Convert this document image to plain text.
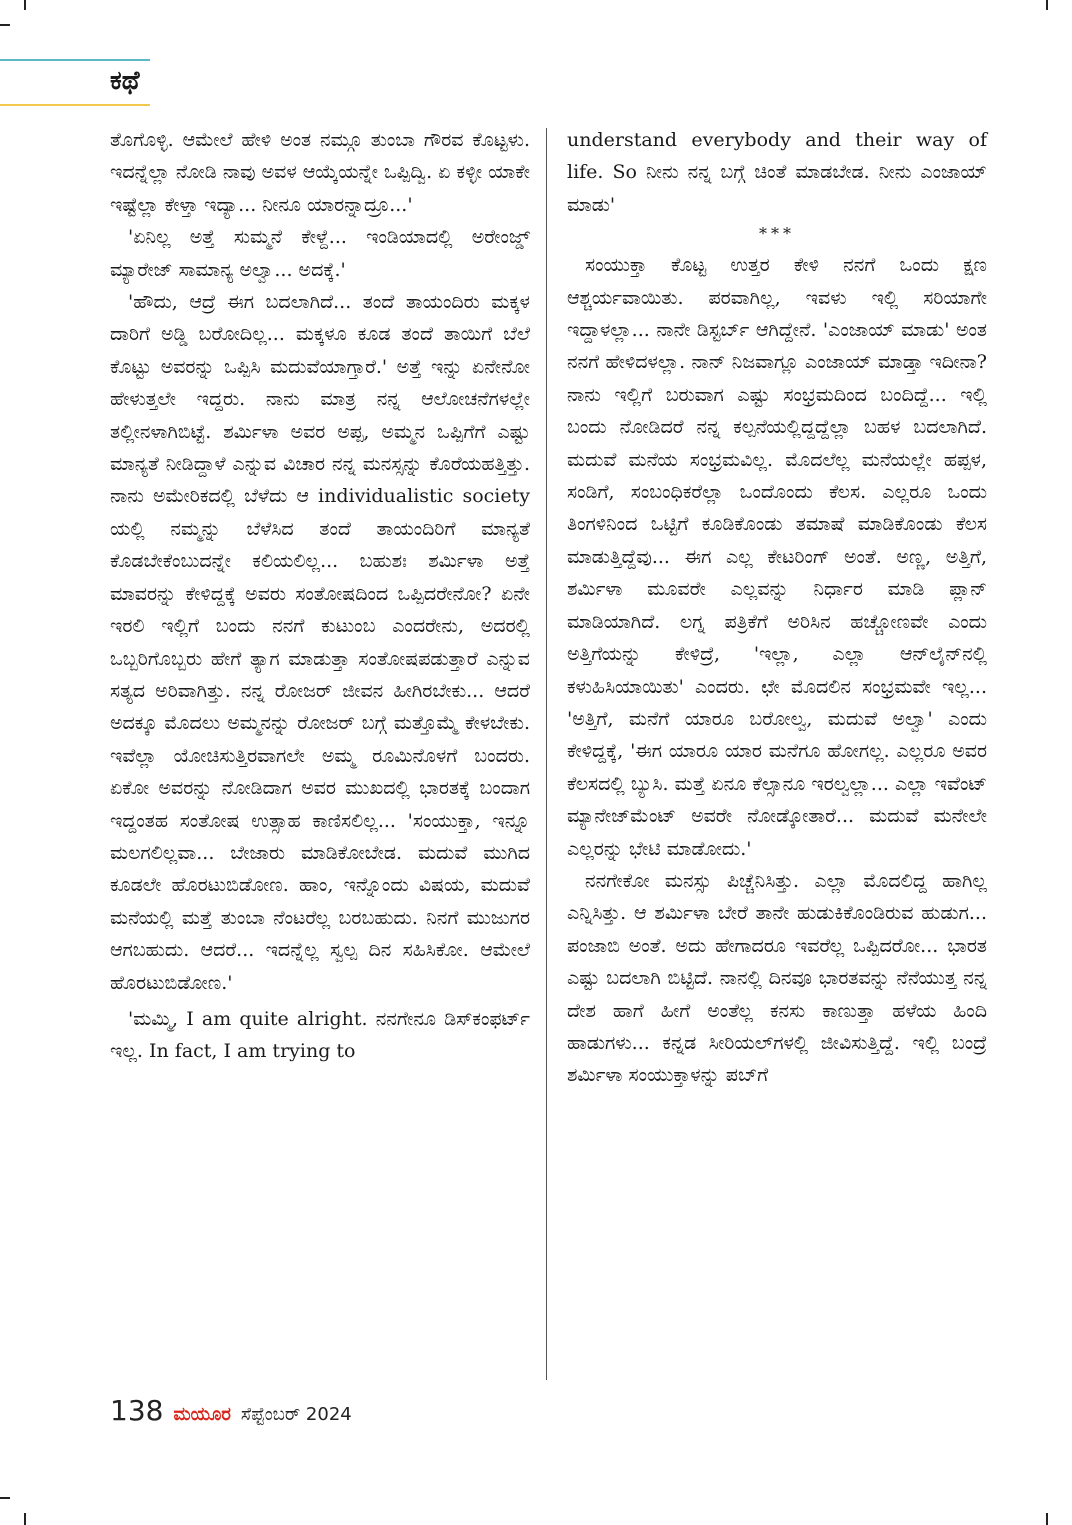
ಕಥೆ

ತೊಗೊಳ್ಳಿ. ಆಮೇಲೆ ಹೇಳಿ ಅಂತ ನಮ್ಗೂ ತುಂಬಾ ಗೌರವ ಕೊಟ್ಟಳು. ಇದನ್ನೆಲ್ಲಾ ನೋಡಿ ನಾವು ಅವಳ ಆಯ್ಕೆಯನ್ನೇ ಒಪ್ಪಿದ್ವಿ. ಏ ಕಳ್ಳೀ ಯಾಕೇ ಇಷ್ಟೆಲ್ಲಾ ಕೇಳ್ತಾ ಇದ್ಯಾ... ನೀನೂ ಯಾರನ್ನಾದ್ರೂ...'

'ಏನಿಲ್ಲ ಅತ್ತೆ ಸುಮ್ಮನೆ ಕೇಳ್ದೆ... ಇಂಡಿಯಾದಲ್ಲಿ ಅರೇಂಜ್ಡ್ ಮ್ಯಾರೇಜ್ ಸಾಮಾನ್ಯ ಅಲ್ವಾ... ಅದಕ್ಕೆ.'

'ಹೌದು, ಆದ್ರೆ ಈಗ ಬದಲಾಗಿದೆ... ತಂದೆ ತಾಯಂದಿರು ಮಕ್ಕಳ ದಾರಿಗೆ ಅಡ್ಡಿ ಬರೋದಿಲ್ಲ... ಮಕ್ಕಳೂ ಕೂಡ ತಂದೆ ತಾಯಿಗೆ ಬೆಲೆ ಕೊಟ್ಟು ಅವರನ್ನು ಒಪ್ಪಿಸಿ ಮದುವೆಯಾಗ್ತಾರೆ.' ಅತ್ತೆ ಇನ್ನು ಏನೇನೋ ಹೇಳುತ್ತಲೇ ಇದ್ದರು. ನಾನು ಮಾತ್ರ ನನ್ನ ಆಲೋಚನೆಗಳಲ್ಲೇ ತಲ್ಲೀನಳಾಗಿಬಿಟ್ಟೆ. ಶರ್ಮಿಳಾ ಅವರ ಅಪ್ಪ, ಅಮ್ಮನ ಒಪ್ಪಿಗೆಗೆ ಎಷ್ಟು ಮಾನ್ಯತೆ ನೀಡಿದ್ದಾಳೆ ಎನ್ನುವ ವಿಚಾರ ನನ್ನ ಮನಸ್ಸನ್ನು ಕೊರೆಯಹತ್ತಿತ್ತು. ನಾನು ಅಮೇರಿಕದಲ್ಲಿ ಬೆಳೆದು ಆ individualistic society ಯಲ್ಲಿ ನಮ್ಮನ್ನು ಬೆಳೆಸಿದ ತಂದೆ ತಾಯಂದಿರಿಗೆ ಮಾನ್ಯತೆ ಕೊಡಬೇಕೆಂಬುದನ್ನೇ ಕಲಿಯಲಿಲ್ಲ... ಬಹುಶಃ ಶರ್ಮಿಳಾ ಅತ್ತೆ ಮಾವರನ್ನು ಕೇಳಿದ್ದಕ್ಕೆ ಅವರು ಸಂತೋಷದಿಂದ ಒಪ್ಪಿದರೇನೋ? ಏನೇ ಇರಲಿ ಇಲ್ಲಿಗೆ ಬಂದು ನನಗೆ ಕುಟುಂಬ ಎಂದರೇನು, ಅದರಲ್ಲಿ ಒಬ್ಬರಿಗೊಬ್ಬರು ಹೇಗೆ ತ್ಯಾಗ ಮಾಡುತ್ತಾ ಸಂತೋಷಪಡುತ್ತಾರೆ ಎನ್ನುವ ಸತ್ಯದ ಅರಿವಾಗಿತ್ತು. ನನ್ನ ರೋಜರ್ ಜೀವನ ಹೀಗಿರಬೇಕು... ಆದರೆ ಅದಕ್ಕೂ ಮೊದಲು ಅಮ್ಮನನ್ನು ರೋಜರ್ ಬಗ್ಗೆ ಮತ್ತೊಮ್ಮೆ ಕೇಳಬೇಕು. ಇವೆಲ್ಲಾ ಯೋಚಿಸುತ್ತಿರವಾಗಲೇ ಅಮ್ಮ ರೂಮಿನೊಳಗೆ ಬಂದರು. ಏಕೋ ಅವರನ್ನು ನೋಡಿದಾಗ ಅವರ ಮುಖದಲ್ಲಿ ಭಾರತಕ್ಕೆ ಬಂದಾಗ ಇದ್ದಂತಹ ಸಂತೋಷ ಉತ್ಸಾಹ ಕಾಣಿಸಲಿಲ್ಲ... 'ಸಂಯುಕ್ತಾ, ಇನ್ನೂ ಮಲಗಲಿಲ್ಲವಾ... ಬೇಜಾರು ಮಾಡಿಕೋಬೇಡ. ಮದುವೆ ಮುಗಿದ ಕೂಡಲೇ ಹೊರಟುಬಿಡೋಣ. ಹಾಂ, ಇನ್ನೊಂದು ವಿಷಯ, ಮದುವೆ ಮನೆಯಲ್ಲಿ ಮತ್ತೆ ತುಂಬಾ ನೆಂಟರೆಲ್ಲ ಬರಬಹುದು. ನಿನಗೆ ಮುಜುಗರ ಆಗಬಹುದು. ಆದರೆ... ಇದನ್ನೆಲ್ಲ ಸ್ವಲ್ಪ ದಿನ ಸಹಿಸಿಕೋ. ಆಮೇಲೆ ಹೊರಟುಬಿಡೋಣ.'

'ಮಮ್ಮಿ, I am quite alright. ನನಗೇನೂ ಡಿಸ್‌ಕಂಫರ್ಟ್ ಇಲ್ಲ. In fact, I am trying to

understand everybody and their way of life. So ನೀನು ನನ್ನ ಬಗ್ಗೆ ಚಿಂತೆ ಮಾಡಬೇಡ. ನೀನು ಎಂಜಾಯ್ ಮಾಡು'

***

ಸಂಯುಕ್ತಾ ಕೊಟ್ಟ ಉತ್ತರ ಕೇಳಿ ನನಗೆ ಒಂದು ಕ್ಷಣ ಆಶ್ಚರ್ಯವಾಯಿತು. ಪರವಾಗಿಲ್ಲ, ಇವಳು ಇಲ್ಲಿ ಸರಿಯಾಗೇ ಇದ್ದಾಳಲ್ಲಾ... ನಾನೇ ಡಿಸ್ಟರ್ಬ್ ಆಗಿದ್ದೇನೆ. 'ಎಂಜಾಯ್ ಮಾಡು' ಅಂತ ನನಗೆ ಹೇಳಿದಳಲ್ಲಾ. ನಾನ್ ನಿಜವಾಗ್ಲೂ ಎಂಜಾಯ್ ಮಾಡ್ತಾ ಇದೀನಾ? ನಾನು ಇಲ್ಲಿಗೆ ಬರುವಾಗ ಎಷ್ಟು ಸಂಭ್ರಮದಿಂದ ಬಂದಿದ್ದೆ... ಇಲ್ಲಿ ಬಂದು ನೋಡಿದರೆ ನನ್ನ ಕಲ್ಪನೆಯಲ್ಲಿದ್ದದ್ದೆಲ್ಲಾ ಬಹಳ ಬದಲಾಗಿದೆ. ಮದುವೆ ಮನೆಯ ಸಂಭ್ರಮವಿಲ್ಲ. ಮೊದಲೆಲ್ಲ ಮನೆಯಲ್ಲೇ ಹಪ್ಪಳ, ಸಂಡಿಗೆ, ಸಂಬಂಧಿಕರೆಲ್ಲಾ ಒಂದೊಂದು ಕೆಲಸ. ಎಲ್ಲರೂ ಒಂದು ತಿಂಗಳಿನಿಂದ ಒಟ್ಟಿಗೆ ಕೂಡಿಕೊಂಡು ತಮಾಷೆ ಮಾಡಿಕೊಂಡು ಕೆಲಸ ಮಾಡುತ್ತಿದ್ದೆವು... ಈಗ ಎಲ್ಲ ಕೇಟರಿಂಗ್ ಅಂತೆ. ಅಣ್ಣ, ಅತ್ತಿಗೆ, ಶರ್ಮಿಳಾ ಮೂವರೇ ಎಲ್ಲವನ್ನು ನಿರ್ಧಾರ ಮಾಡಿ ಪ್ಲಾನ್ ಮಾಡಿಯಾಗಿದೆ. ಲಗ್ನ ಪತ್ರಿಕೆಗೆ ಅರಿಸಿನ ಹಚ್ಚೋಣವೇ ಎಂದು ಅತ್ತಿಗೆಯನ್ನು ಕೇಳಿದ್ರೆ, 'ಇಲ್ಲಾ, ಎಲ್ಲಾ ಆನ್‌ಲೈನ್‌ನಲ್ಲಿ ಕಳುಹಿಸಿಯಾಯಿತು' ಎಂದರು. ಛೇ ಮೊದಲಿನ ಸಂಭ್ರಮವೇ ಇಲ್ಲ... 'ಅತ್ತಿಗೆ, ಮನೆಗೆ ಯಾರೂ ಬರೋಲ್ವ, ಮದುವೆ ಅಲ್ವಾ' ಎಂದು ಕೇಳಿದ್ದಕ್ಕೆ, 'ಈಗ ಯಾರೂ ಯಾರ ಮನೆಗೂ ಹೋಗಲ್ಲ. ಎಲ್ಲರೂ ಅವರ ಕೆಲಸದಲ್ಲಿ ಬ್ಯುಸಿ. ಮತ್ತೆ ಏನೂ ಕೆಲ್ಸಾನೂ ಇರಲ್ವಲ್ಲಾ... ಎಲ್ಲಾ ಇವೆಂಟ್ ಮ್ಯಾನೇಜ್‌ಮೆಂಟ್ ಅವರೇ ನೋಡ್ಕೋತಾರೆ... ಮದುವೆ ಮನೇಲೇ ಎಲ್ಲರನ್ನು ಭೇಟಿ ಮಾಡೋದು.'

ನನಗೇಕೋ ಮನಸ್ಸು ಪಿಚ್ಚೆನಿಸಿತ್ತು. ಎಲ್ಲಾ ಮೊದಲಿದ್ದ ಹಾಗಿಲ್ಲ ಎನ್ನಿಸಿತ್ತು. ಆ ಶರ್ಮಿಳಾ ಬೇರೆ ತಾನೇ ಹುಡುಕಿಕೊಂಡಿರುವ ಹುಡುಗ... ಪಂಜಾಬಿ ಅಂತೆ. ಅದು ಹೇಗಾದರೂ ಇವರೆಲ್ಲ ಒಪ್ಪಿದರೋ... ಭಾರತ ಎಷ್ಟು ಬದಲಾಗಿ ಬಿಟ್ಟಿದೆ. ನಾನಲ್ಲಿ ದಿನವೂ ಭಾರತವನ್ನು ನೆನೆಯುತ್ತ ನನ್ನ ದೇಶ ಹಾಗೆ ಹೀಗೆ ಅಂತೆಲ್ಲ ಕನಸು ಕಾಣುತ್ತಾ ಹಳೆಯ ಹಿಂದಿ ಹಾಡುಗಳು... ಕನ್ನಡ ಸೀರಿಯಲ್‌ಗಳಲ್ಲಿ ಜೀವಿಸುತ್ತಿದ್ದೆ. ಇಲ್ಲಿ ಬಂದ್ರೆ ಶರ್ಮಿಳಾ ಸಂಯುಕ್ತಾಳನ್ನು ಪಬ್‌ಗೆ

138 ಮಯೂರ ಸೆಪ್ಟೆಂಬರ್ 2024
